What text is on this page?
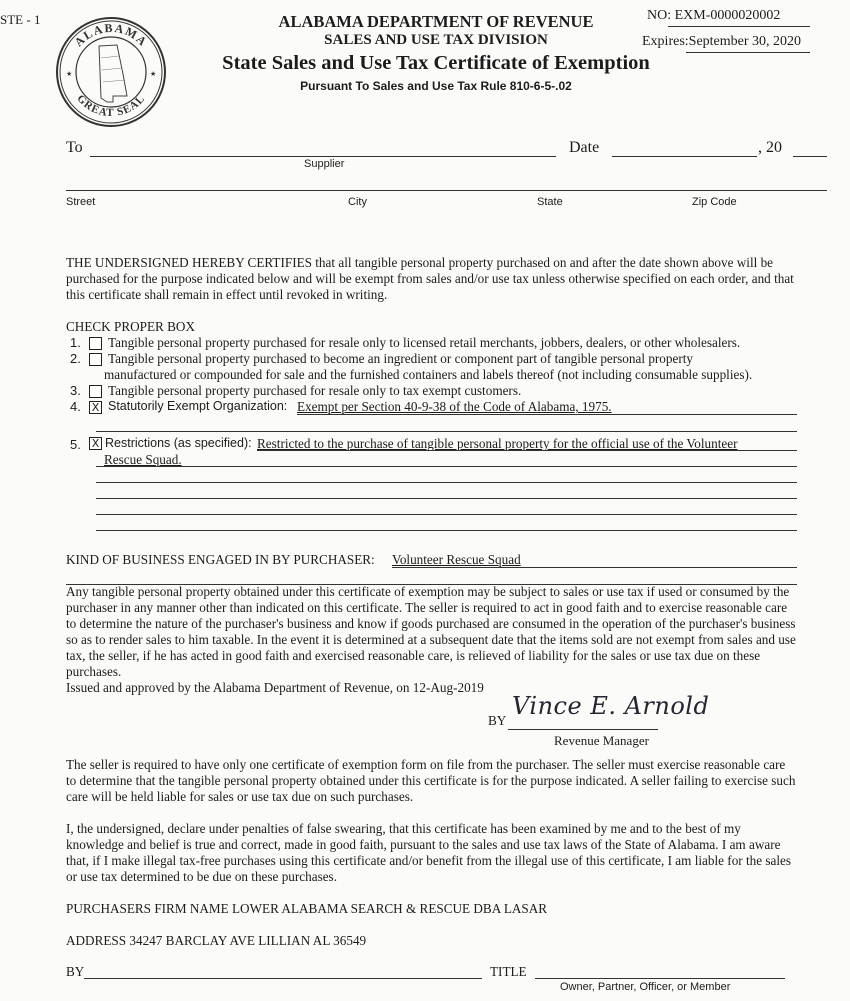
STE - 1
ALABAMA
GREAT SEAL
★	★
ALABAMA DEPARTMENT OF REVENUE
SALES AND USE TAX DIVISION
State Sales and Use Tax Certificate of Exemption
Pursuant To Sales and Use Tax Rule 810-6-5-.02
NO: EXM-0000020002
Expires:September 30, 2020
To
Supplier
Date	, 20
Street	City	State	Zip Code
THE UNDERSIGNED HEREBY CERTIFIES that all tangible personal property purchased on and after the date shown above will be purchased for the purpose indicated below and will be exempt from sales and/or use tax unless otherwise specified on each order, and that this certificate shall remain in effect until revoked in writing.
CHECK PROPER BOX
1. Tangible personal property purchased for resale only to licensed retail merchants, jobbers, dealers, or other wholesalers.
2. Tangible personal property purchased to become an ingredient or component part of tangible personal property
manufactured or compounded for sale and the furnished containers and labels thereof (not including consumable supplies).
3. Tangible personal property purchased for resale only to tax exempt customers.
4. X Statutorily Exempt Organization: Exempt per Section 40-9-38 of the Code of Alabama, 1975.
5. X Restrictions (as specified): Restricted to the purchase of tangible personal property for the official use of the Volunteer
Rescue Squad.
KIND OF BUSINESS ENGAGED IN BY PURCHASER: Volunteer Rescue Squad
Any tangible personal property obtained under this certificate of exemption may be subject to sales or use tax if used or consumed by the purchaser in any manner other than indicated on this certificate. The seller is required to act in good faith and to exercise reasonable care to determine the nature of the purchaser's business and know if goods purchased are consumed in the operation of the purchaser's business so as to render sales to him taxable. In the event it is determined at a subsequent date that the items sold are not exempt from sales and use tax, the seller, if he has acted in good faith and exercised reasonable care, is relieved of liability for the sales or use tax due on these purchases.
Issued and approved by the Alabama Department of Revenue, on 12-Aug-2019
BY
Vince E. Arnold
Revenue Manager
The seller is required to have only one certificate of exemption form on file from the purchaser. The seller must exercise reasonable care to determine that the tangible personal property obtained under this certificate is for the purpose indicated. A seller failing to exercise such care will be held liable for sales or use tax due on such purchases.
I, the undersigned, declare under penalties of false swearing, that this certificate has been examined by me and to the best of my knowledge and belief is true and correct, made in good faith, pursuant to the sales and use tax laws of the State of Alabama. I am aware that, if I make illegal tax-free purchases using this certificate and/or benefit from the illegal use of this certificate, I am liable for the sales or use tax determined to be due on these purchases.
PURCHASERS FIRM NAME LOWER ALABAMA SEARCH & RESCUE DBA LASAR
ADDRESS 34247 BARCLAY AVE LILLIAN AL 36549
BY	TITLE
Owner, Partner, Officer, or Member
